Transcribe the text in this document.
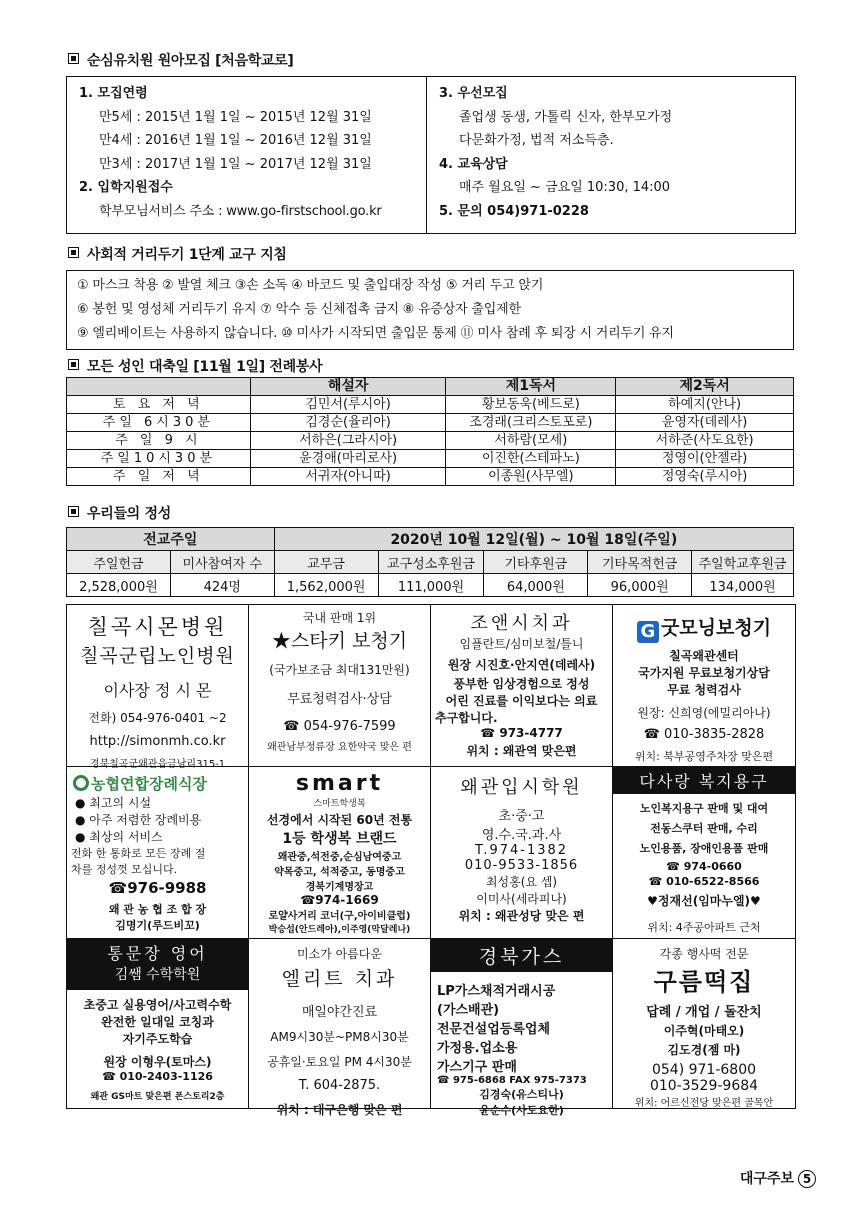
순심유치원 원아모집 [처음학교로]
1. 모집연령
만5세 : 2015년 1월 1일 ~ 2015년 12월 31일
만4세 : 2016년 1월 1일 ~ 2016년 12월 31일
만3세 : 2017년 1월 1일 ~ 2017년 12월 31일
2. 입학지원접수
학부모님서비스 주소 : www.go-firstschool.go.kr
3. 우선모집
졸업생 동생, 가톨릭 신자, 한부모가정
다문화가정, 법적 저소득층.
4. 교육상담
매주 월요일 ~ 금요일 10:30, 14:00
5. 문의 054)971-0228
사회적 거리두기 1단계 교구 지침
① 마스크 착용 ② 발열 체크 ③손 소독 ④ 바코드 및 출입대장 작성 ⑤ 거리 두고 앉기
⑥ 봉헌 및 영성체 거리두기 유지 ⑦ 악수 등 신체접촉 금지 ⑧ 유증상자 출입제한
⑨ 엘리베이트는 사용하지 않습니다. ⑩ 미사가 시작되면 출입문 통제 ⑪ 미사 참례 후 퇴장 시 거리두기 유지
모든 성인 대축일 [11월 1일] 전례봉사
	해설자	제1독서	제2독서
토 요 저 녁	김민서(루시아)	황보동욱(베드로)	하예지(안나)
주일 6시30분	김경순(율리아)	조경래(크리스토포로)	윤영자(데레사)
주 일 9 시	서하은(그라시아)	서하람(모세)	서하준(사도요한)
주일10시30분	윤경애(마리로사)	이진한(스테파노)	정영이(안젤라)
주 일 저 녁	서귀자(아니따)	이종원(사무엘)	정영숙(루시아)
우리들의 정성
전교주일		2020년 10월 12일(월) ~ 10월 18일(주일)				
주일헌금	미사참여자 수	교무금	교구성소후원금	기타후원금	기타목적헌금	주일학교후원금
2,528,000원	424명	1,562,000원	111,000원	64,000원	96,000원	134,000원
칠곡시몬병원
칠곡군립노인병원
이사장 정 시 몬
전화) 054-976-0401 ~2
http://simonmh.co.kr
경북칠곡군왜관읍금남리315-1
국내 판매 1위
★스타키 보청기
(국가보조금 최대131만원)
무료청력검사·상담
☎ 054-976-7599
왜관남부정류장 요한약국 맞은 편
조앤시치과
임플란트/심미보철/틀니
원장 시진호·안지연(데레사)
풍부한 임상경험으로 정성
어린 진료를 이익보다는 의료
추구합니다.
☎ 973-4777
위치 : 왜관역 맞은편
G 굿모닝보청기
칠곡왜관센터
국가지원 무료보청기상담
무료 청력검사
원장: 신희영(에밀리아나)
☎ 010-3835-2828
위치: 북부공영주차장 맞은편
농협연합장례식장
● 최고의 시설
● 아주 저렴한 장례비용
● 최상의 서비스
전화 한 통화로 모든 장례 절
차를 정성껏 모십니다.
☎976-9988
왜 관 농 협 조 합 장
김명기(루드비꼬)
smart
스마트학생복
선경에서 시작된 60년 전통
1등 학생복 브랜드
왜관중,석전중,순심남여중고
약목중고, 석적중고, 동명중고
경북기계명장고
☎974-1669
로얄사거리 코너(구,아이비클럽)
박승섭(안드레아),이주영(막달레나)
왜관입시학원
초·중·고
영.수.국.과.사
T.974-1382
010-9533-1856
최성홍(요 셉)
이미사(세라피나)
위치 : 왜관성당 맞은 편
다사랑 복지용구
노인복지용구 판매 및 대여
전동스쿠터 판매, 수리
노인용품, 장애인용품 판매
☎ 974-0660
☎ 010-6522-8566
♥정재선(임마누엘)♥
위치: 4주공아파트 근처
통문장 영어
김쌤 수학학원
초중고 실용영어/사고력수학
완전한 일대일 코칭과
자기주도학습
원장 이형우(토마스)
☎ 010-2403-1126
왜관 GS마트 맞은편 폰스토리2층
미소가 아름다운
엘리트 치과
매일야간진료
AM9시30분~PM8시30분
공휴일·토요일 PM 4시30분
T. 604-2875.
위치 : 대구은행 맞은 편
경북가스
LP가스채적거래시공
(가스배관)
전문건설업등록업체
가정용.업소용
가스기구 판매
☎ 975-6868 FAX 975-7373
김경숙(유스티나)
윤순수(사도요한)
각종 행사떡 전문
구름떡집
답례 / 개업 / 돌잔치
이주혁(마태오)
김도경(젬 마)
054) 971-6800
010-3529-9684
위치: 어르신전당 맞은편 골목안
대구주보 5
